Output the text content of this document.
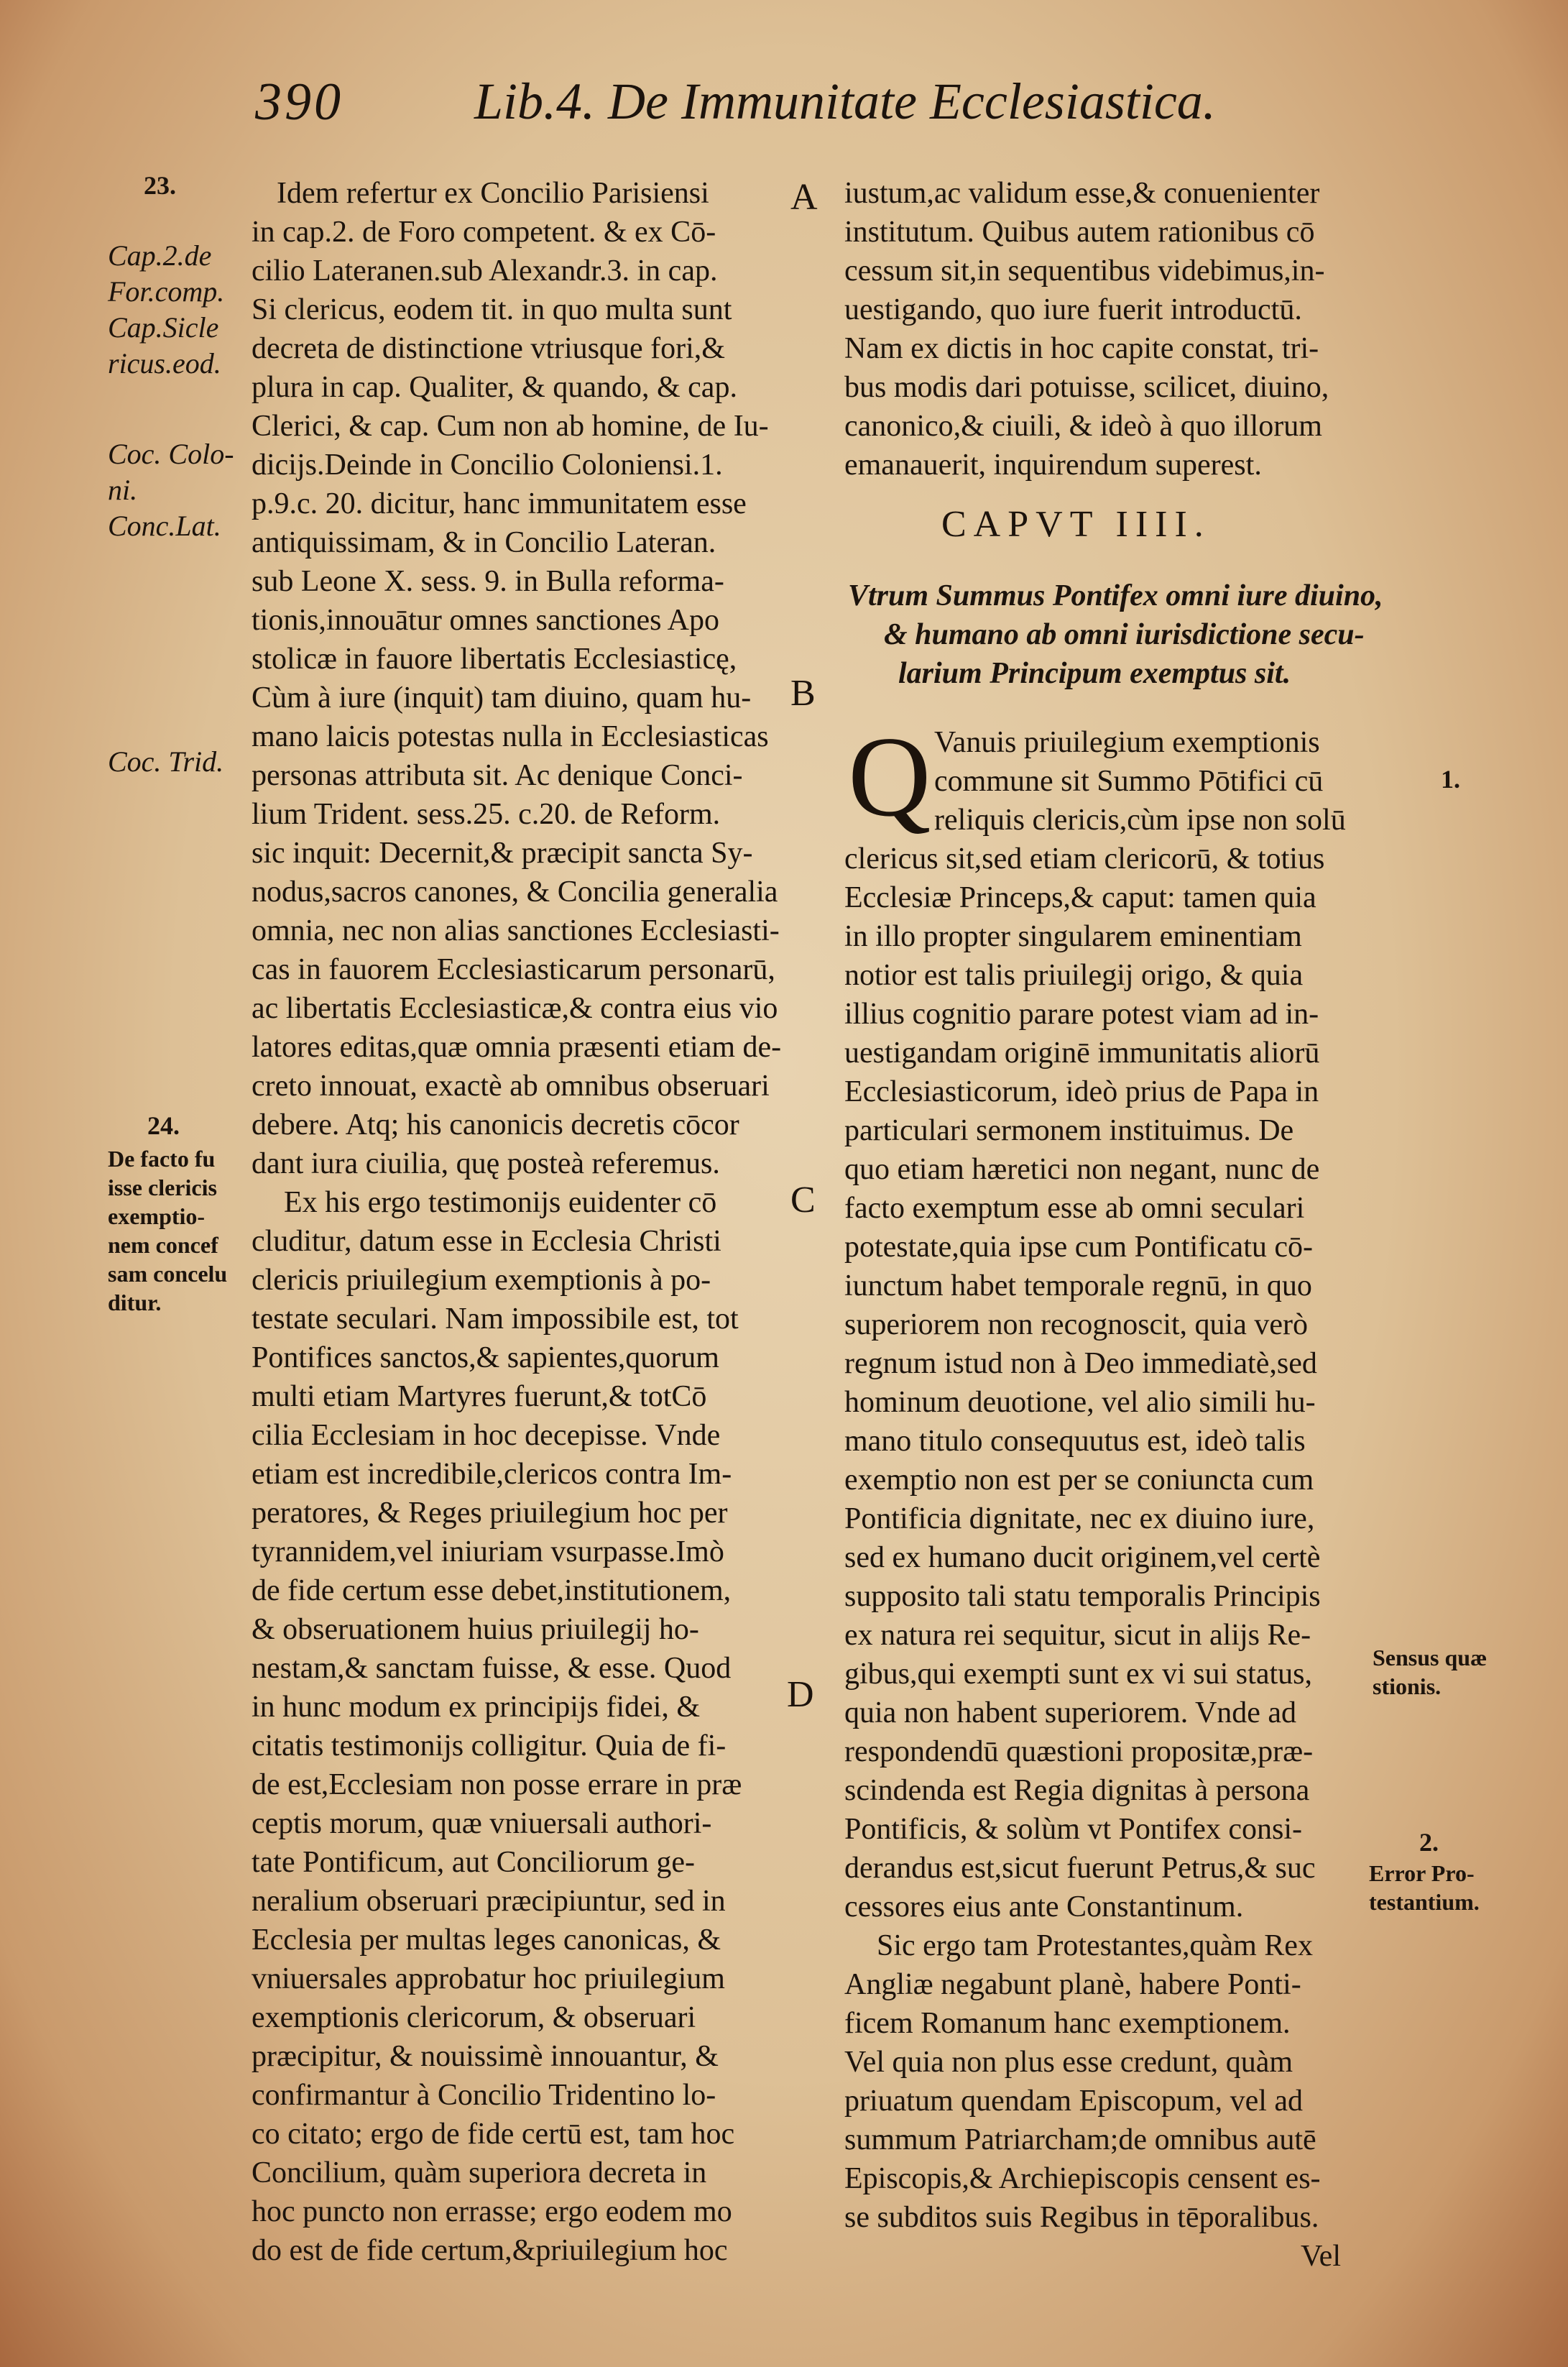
390	Lib.4. De Immunitate Ecclesiastica.
A
B
C
D
23.
Cap.2.de
For.comp.
Cap.Sicle
ricus.eod.
Coc. Colo-
ni.
Conc.Lat.
Coc. Trid.
24.
De facto fu
isse clericis
exemptio-
nem concef
sam concelu
ditur.
Idem refertur ex Concilio Parisiensi
in cap.2. de Foro competent. & ex Cō-
cilio Lateranen.sub Alexandr.3. in cap.
Si clericus, eodem tit. in quo multa sunt
decreta de distinctione vtriusque fori,&
plura in cap. Qualiter, & quando, & cap.
Clerici, & cap. Cum non ab homine, de Iu-
dicijs.Deinde in Concilio Coloniensi.1.
p.9.c. 20. dicitur, hanc immunitatem esse
antiquissimam, & in Concilio Lateran.
sub Leone X. sess. 9. in Bulla reforma-
tionis,innouātur omnes sanctiones Apo
stolicæ in fauore libertatis Ecclesiasticę,
Cùm à iure (inquit) tam diuino, quam hu-
mano laicis potestas nulla in Ecclesiasticas
personas attributa sit. Ac denique Conci-
lium Trident. sess.25. c.20. de Reform.
sic inquit: Decernit,& præcipit sancta Sy-
nodus,sacros canones, & Concilia generalia
omnia, nec non alias sanctiones Ecclesiasti-
cas in fauorem Ecclesiasticarum personarū,
ac libertatis Ecclesiasticæ,& contra eius vio
latores editas,quæ omnia præsenti etiam de-
creto innouat, exactè ab omnibus obseruari
debere. Atq; his canonicis decretis cōcor
dant iura ciuilia, quę posteà referemus.
Ex his ergo testimonijs euidenter cō
cluditur, datum esse in Ecclesia Christi
clericis priuilegium exemptionis à po-
testate seculari. Nam impossibile est, tot
Pontifices sanctos,& sapientes,quorum
multi etiam Martyres fuerunt,& totCō
cilia Ecclesiam in hoc decepisse. Vnde
etiam est incredibile,clericos contra Im-
peratores, & Reges priuilegium hoc per
tyrannidem,vel iniuriam vsurpasse.Imò
de fide certum esse debet,institutionem,
& obseruationem huius priuilegij ho-
nestam,& sanctam fuisse, & esse. Quod
in hunc modum ex principijs fidei, &
citatis testimonijs colligitur. Quia de fi-
de est,Ecclesiam non posse errare in præ
ceptis morum, quæ vniuersali authori-
tate Pontificum, aut Conciliorum ge-
neralium obseruari præcipiuntur, sed in
Ecclesia per multas leges canonicas, &
vniuersales approbatur hoc priuilegium
exemptionis clericorum, & obseruari
præcipitur, & nouissimè innouantur, &
confirmantur à Concilio Tridentino lo-
co citato; ergo de fide certū est, tam hoc
Concilium, quàm superiora decreta in
hoc puncto non errasse; ergo eodem mo
do est de fide certum,&priuilegium hoc
iustum,ac validum esse,& conuenienter
institutum. Quibus autem rationibus cō
cessum sit,in sequentibus videbimus,in-
uestigando, quo iure fuerit introductū.
Nam ex dictis in hoc capite constat, tri-
bus modis dari potuisse, scilicet, diuino,
canonico,& ciuili, & ideò à quo illorum
emanauerit, inquirendum superest.
CAPVT IIII.
Vtrum Summus Pontifex omni iure diuino,
& humano ab omni iurisdictione secu-
larium Principum exemptus sit.
Q Vanuis priuilegium exemptionis
commune sit Summo Pōtifici cū
reliquis clericis,cùm ipse non solū
clericus sit,sed etiam clericorū, & totius
Ecclesiæ Princeps,& caput: tamen quia
in illo propter singularem eminentiam
notior est talis priuilegij origo, & quia
illius cognitio parare potest viam ad in-
uestigandam originē immunitatis aliorū
Ecclesiasticorum, ideò prius de Papa in
particulari sermonem instituimus. De
quo etiam hæretici non negant, nunc de
facto exemptum esse ab omni seculari
potestate,quia ipse cum Pontificatu cō-
iunctum habet temporale regnū, in quo
superiorem non recognoscit, quia verò
regnum istud non à Deo immediatè,sed
hominum deuotione, vel alio simili hu-
mano titulo consequutus est, ideò talis
exemptio non est per se coniuncta cum
Pontificia dignitate, nec ex diuino iure,
sed ex humano ducit originem,vel certè
supposito tali statu temporalis Principis
ex natura rei sequitur, sicut in alijs Re-
gibus,qui exempti sunt ex vi sui status,
quia non habent superiorem. Vnde ad
respondendū quæstioni propositæ,præ-
scindenda est Regia dignitas à persona
Pontificis, & solùm vt Pontifex consi-
derandus est,sicut fuerunt Petrus,& suc
cessores eius ante Constantinum.
Sic ergo tam Protestantes,quàm Rex
Angliæ negabunt planè, habere Ponti-
ficem Romanum hanc exemptionem.
Vel quia non plus esse credunt, quàm
priuatum quendam Episcopum, vel ad
summum Patriarcham;de omnibus autē
Episcopis,& Archiepiscopis censent es-
se subditos suis Regibus in tēporalibus.
Vel
1.
Sensus quæ
stionis.
2.
Error Pro-
testantium.
